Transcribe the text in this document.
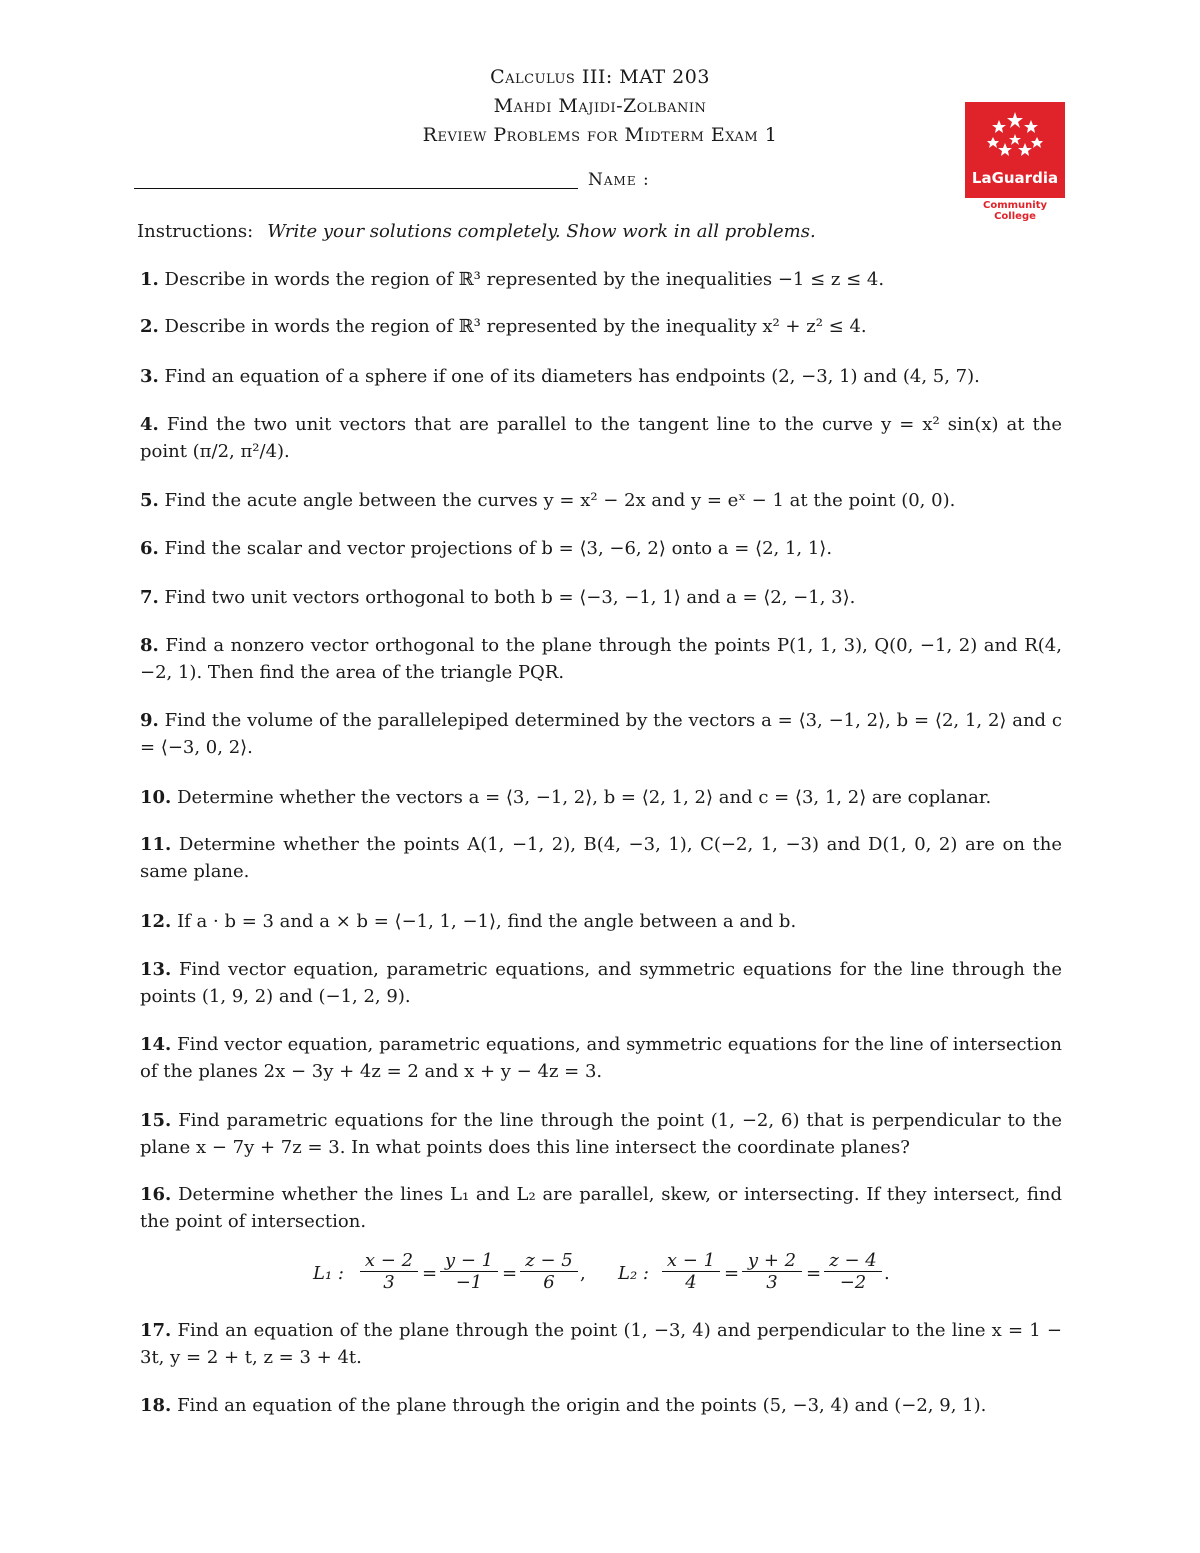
Calculus III: MAT 203
Mahdi Majidi-Zolbanin
Review Problems for Midterm Exam 1
LaGuardia
Community College
Name :
Instructions: Write your solutions completely. Show work in all problems.
1. Describe in words the region of ℝ³ represented by the inequalities −1 ≤ z ≤ 4.
2. Describe in words the region of ℝ³ represented by the inequality x² + z² ≤ 4.
3. Find an equation of a sphere if one of its diameters has endpoints (2, −3, 1) and (4, 5, 7).
4. Find the two unit vectors that are parallel to the tangent line to the curve y = x² sin(x) at the point (π/2, π²/4).
5. Find the acute angle between the curves y = x² − 2x and y = eˣ − 1 at the point (0, 0).
6. Find the scalar and vector projections of b = ⟨3, −6, 2⟩ onto a = ⟨2, 1, 1⟩.
7. Find two unit vectors orthogonal to both b = ⟨−3, −1, 1⟩ and a = ⟨2, −1, 3⟩.
8. Find a nonzero vector orthogonal to the plane through the points P(1, 1, 3), Q(0, −1, 2) and R(4, −2, 1). Then find the area of the triangle PQR.
9. Find the volume of the parallelepiped determined by the vectors a = ⟨3, −1, 2⟩, b = ⟨2, 1, 2⟩ and c = ⟨−3, 0, 2⟩.
10. Determine whether the vectors a = ⟨3, −1, 2⟩, b = ⟨2, 1, 2⟩ and c = ⟨3, 1, 2⟩ are coplanar.
11. Determine whether the points A(1, −1, 2), B(4, −3, 1), C(−2, 1, −3) and D(1, 0, 2) are on the same plane.
12. If a · b = 3 and a × b = ⟨−1, 1, −1⟩, find the angle between a and b.
13. Find vector equation, parametric equations, and symmetric equations for the line through the points (1, 9, 2) and (−1, 2, 9).
14. Find vector equation, parametric equations, and symmetric equations for the line of intersection of the planes 2x − 3y + 4z = 2 and x + y − 4z = 3.
15. Find parametric equations for the line through the point (1, −2, 6) that is perpendicular to the plane x − 7y + 7z = 3. In what points does this line intersect the coordinate planes?
16. Determine whether the lines L₁ and L₂ are parallel, skew, or intersecting. If they intersect, find the point of intersection.
L₁ : $\frac{x - 2}{3} = \frac{y - 1}{-1} = \frac{z - 5}{6}$ , L₂ : $\frac{x - 1}{4} = \frac{y + 2}{3} = \frac{z - 4}{-2}$ .
17. Find an equation of the plane through the point (1, −3, 4) and perpendicular to the line x = 1 − 3t, y = 2 + t, z = 3 + 4t.
18. Find an equation of the plane through the origin and the points (5, −3, 4) and (−2, 9, 1).
